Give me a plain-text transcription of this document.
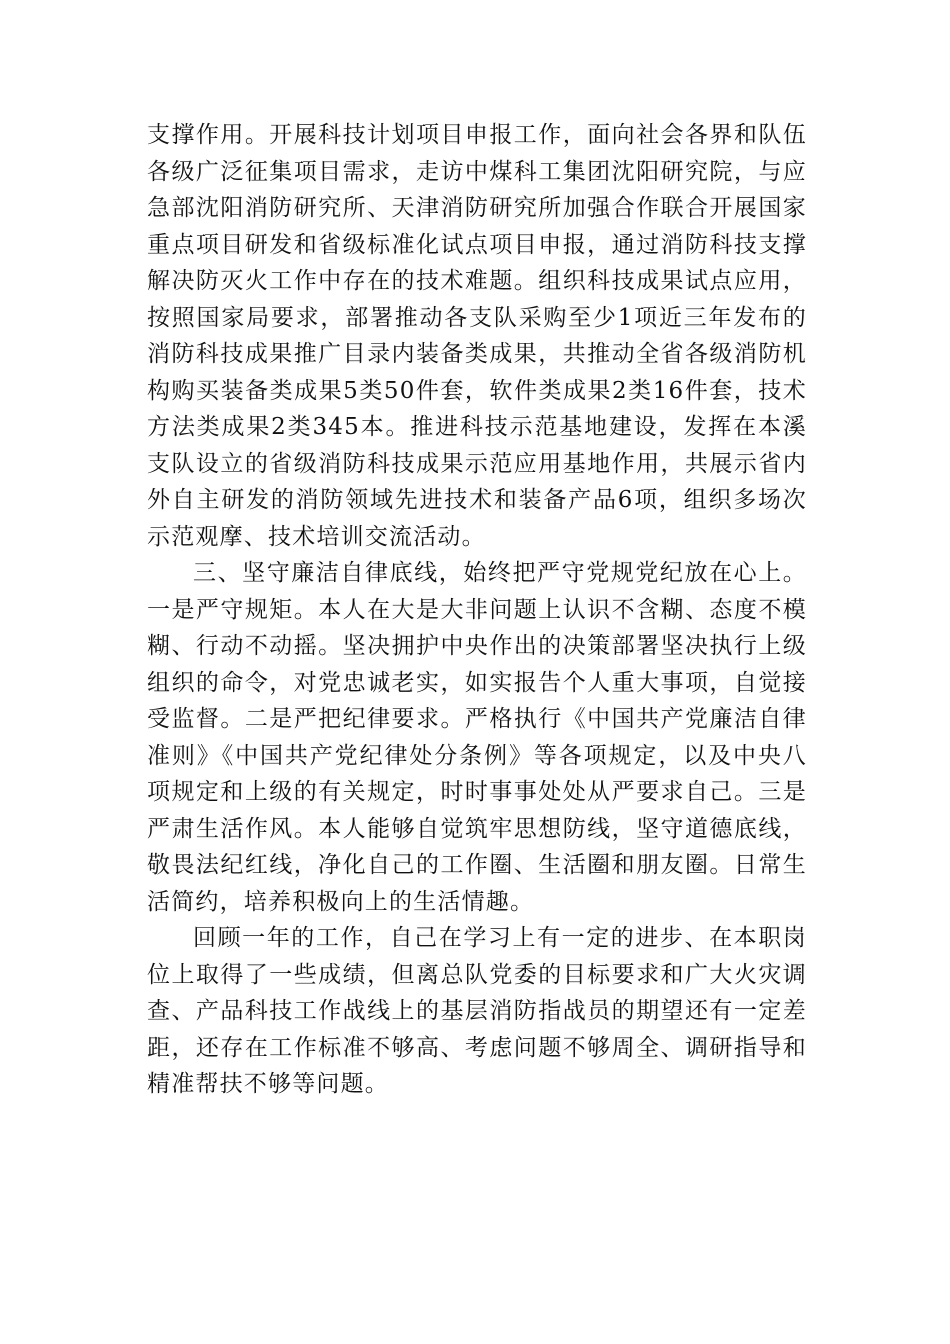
支撑作用。开展科技计划项目申报工作，面向社会各界和队伍各级广泛征集项目需求，走访中煤科工集团沈阳研究院，与应急部沈阳消防研究所、天津消防研究所加强合作联合开展国家重点项目研发和省级标准化试点项目申报，通过消防科技支撑解决防灭火工作中存在的技术难题。组织科技成果试点应用，按照国家局要求，部署推动各支队采购至少1项近三年发布的消防科技成果推广目录内装备类成果，共推动全省各级消防机构购买装备类成果5类50件套，软件类成果2类16件套，技术方法类成果2类345本。推进科技示范基地建设，发挥在本溪支队设立的省级消防科技成果示范应用基地作用，共展示省内外自主研发的消防领域先进技术和装备产品6项，组织多场次示范观摩、技术培训交流活动。

三、坚守廉洁自律底线，始终把严守党规党纪放在心上。一是严守规矩。本人在大是大非问题上认识不含糊、态度不模糊、行动不动摇。坚决拥护中央作出的决策部署坚决执行上级组织的命令，对党忠诚老实，如实报告个人重大事项，自觉接受监督。二是严把纪律要求。严格执行《中国共产党廉洁自律准则》《中国共产党纪律处分条例》等各项规定，以及中央八项规定和上级的有关规定，时时事事处处从严要求自己。三是严肃生活作风。本人能够自觉筑牢思想防线，坚守道德底线，敬畏法纪红线，净化自己的工作圈、生活圈和朋友圈。日常生活简约，培养积极向上的生活情趣。

回顾一年的工作，自己在学习上有一定的进步、在本职岗位上取得了一些成绩，但离总队党委的目标要求和广大火灾调查、产品科技工作战线上的基层消防指战员的期望还有一定差距，还存在工作标准不够高、考虑问题不够周全、调研指导和精准帮扶不够等问题。
